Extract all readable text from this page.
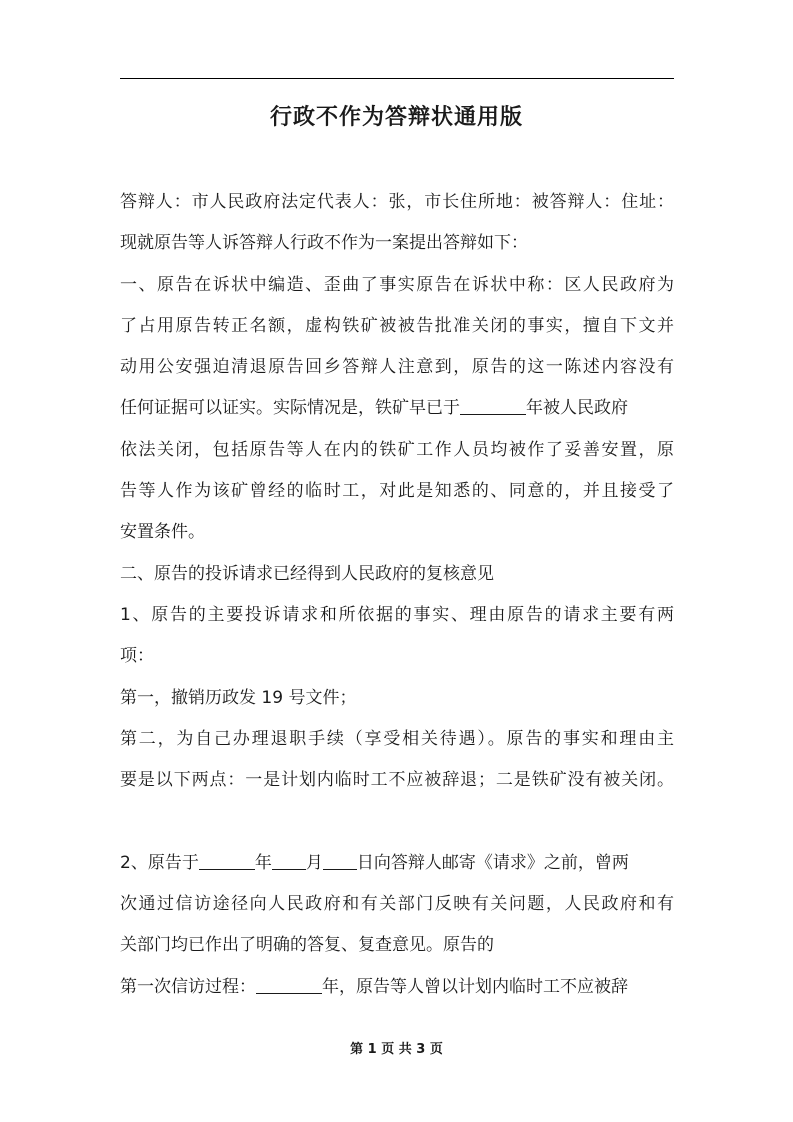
行政不作为答辩状通用版
答辩人：市人民政府法定代表人：张，市长住所地：被答辩人：住址：
现就原告等人诉答辩人行政不作为一案提出答辩如下：
一、原告在诉状中编造、歪曲了事实原告在诉状中称：区人民政府为
了占用原告转正名额，虚构铁矿被被告批准关闭的事实，擅自下文并
动用公安强迫清退原告回乡答辩人注意到，原告的这一陈述内容没有
任何证据可以证实。实际情况是，铁矿早已于	年被人民政府
依法关闭，包括原告等人在内的铁矿工作人员均被作了妥善安置，原
告等人作为该矿曾经的临时工，对此是知悉的、同意的，并且接受了
安置条件。
二、原告的投诉请求已经得到人民政府的复核意见
1、原告的主要投诉请求和所依据的事实、理由原告的请求主要有两
项：
第一，撤销历政发 19 号文件；
第二，为自己办理退职手续（享受相关待遇）。原告的事实和理由主
要是以下两点：一是计划内临时工不应被辞退；二是铁矿没有被关闭。
2、原告于	年 月 日向答辩人邮寄《请求》之前，曾两
次通过信访途径向人民政府和有关部门反映有关问题，人民政府和有
关部门均已作出了明确的答复、复查意见。原告的
第一次信访过程：	年，原告等人曾以计划内临时工不应被辞
第 1 页 共 3 页
